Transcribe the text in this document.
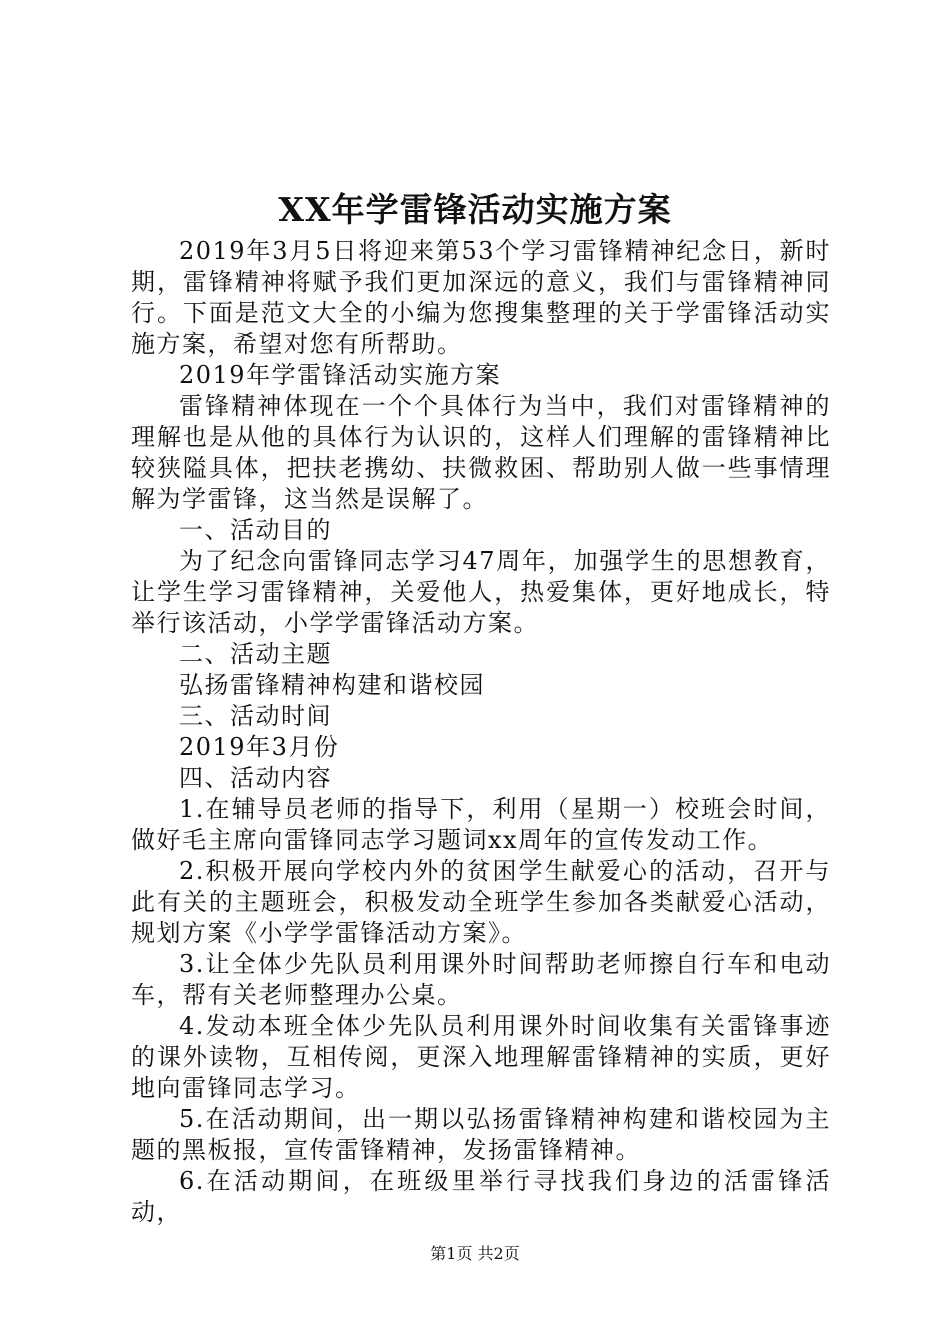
XX年学雷锋活动实施方案

2019年3月5日将迎来第53个学习雷锋精神纪念日，新时期，雷锋精神将赋予我们更加深远的意义，我们与雷锋精神同行。下面是范文大全的小编为您搜集整理的关于学雷锋活动实施方案，希望对您有所帮助。

2019年学雷锋活动实施方案

雷锋精神体现在一个个具体行为当中，我们对雷锋精神的理解也是从他的具体行为认识的，这样人们理解的雷锋精神比较狭隘具体，把扶老携幼、扶微救困、帮助别人做一些事情理解为学雷锋，这当然是误解了。

一、活动目的

为了纪念向雷锋同志学习47周年，加强学生的思想教育，让学生学习雷锋精神，关爱他人，热爱集体，更好地成长，特举行该活动，小学学雷锋活动方案。

二、活动主题

弘扬雷锋精神构建和谐校园

三、活动时间

2019年3月份

四、活动内容

1.在辅导员老师的指导下，利用（星期一）校班会时间，做好毛主席向雷锋同志学习题词xx周年的宣传发动工作。

2.积极开展向学校内外的贫困学生献爱心的活动，召开与此有关的主题班会，积极发动全班学生参加各类献爱心活动，规划方案《小学学雷锋活动方案》。

3.让全体少先队员利用课外时间帮助老师擦自行车和电动车，帮有关老师整理办公桌。

4.发动本班全体少先队员利用课外时间收集有关雷锋事迹的课外读物，互相传阅，更深入地理解雷锋精神的实质，更好地向雷锋同志学习。

5.在活动期间，出一期以弘扬雷锋精神构建和谐校园为主题的黑板报，宣传雷锋精神，发扬雷锋精神。

6.在活动期间，在班级里举行寻找我们身边的活雷锋活动，

第1页 共2页
